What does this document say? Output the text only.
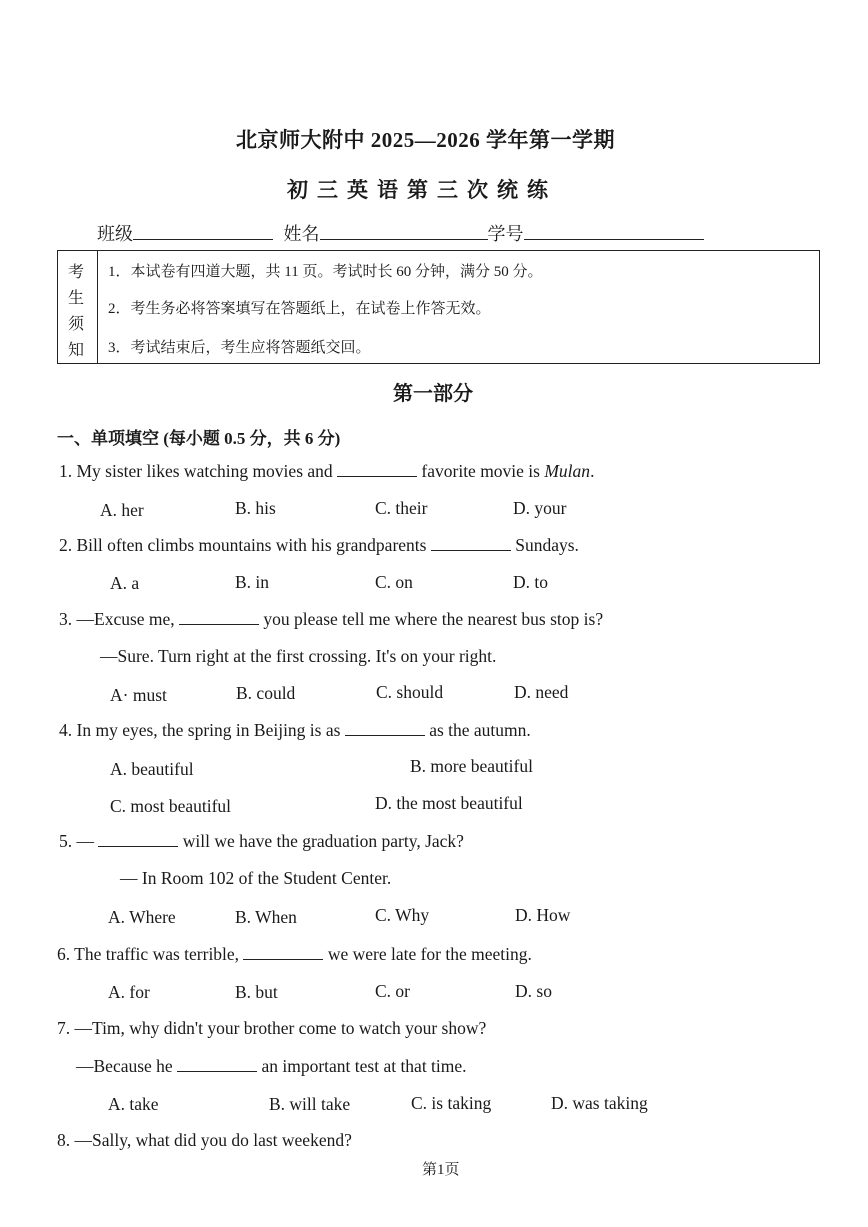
北京师大附中 2025—2026 学年第一学期
初三英语第三次统练
班级	姓名	学号
考
生
须
知
1．本试卷有四道大题，共 11 页。考试时长 60 分钟，满分 50 分。
2．考生务必将答案填写在答题纸上，在试卷上作答无效。
3．考试结束后，考生应将答题纸交回。
第一部分
一、单项填空 (每小题 0.5 分，共 6 分)
1. My sister likes watching movies and	favorite movie is Mulan.
A. her	B. his	C. their	D. your
2. Bill often climbs mountains with his grandparents	Sundays.
A. a	B. in	C. on	D. to
3. —Excuse me,	you please tell me where the nearest bus stop is?
—Sure. Turn right at the first crossing. It's on your right.
A· must	B. could	C. should	D. need
4. In my eyes, the spring in Beijing is as	as the autumn.
A. beautiful	B. more beautiful
C. most beautiful	D. the most beautiful
5. —	will we have the graduation party, Jack?
— In Room 102 of the Student Center.
A. Where	B. When	C. Why	D. How
6. The traffic was terrible,	we were late for the meeting.
A. for	B. but	C. or	D. so
7. —Tim, why didn't your brother come to watch your show?
—Because he	an important test at that time.
A. take	B. will take	C. is taking	D. was taking
8. —Sally, what did you do last weekend?
第1页
